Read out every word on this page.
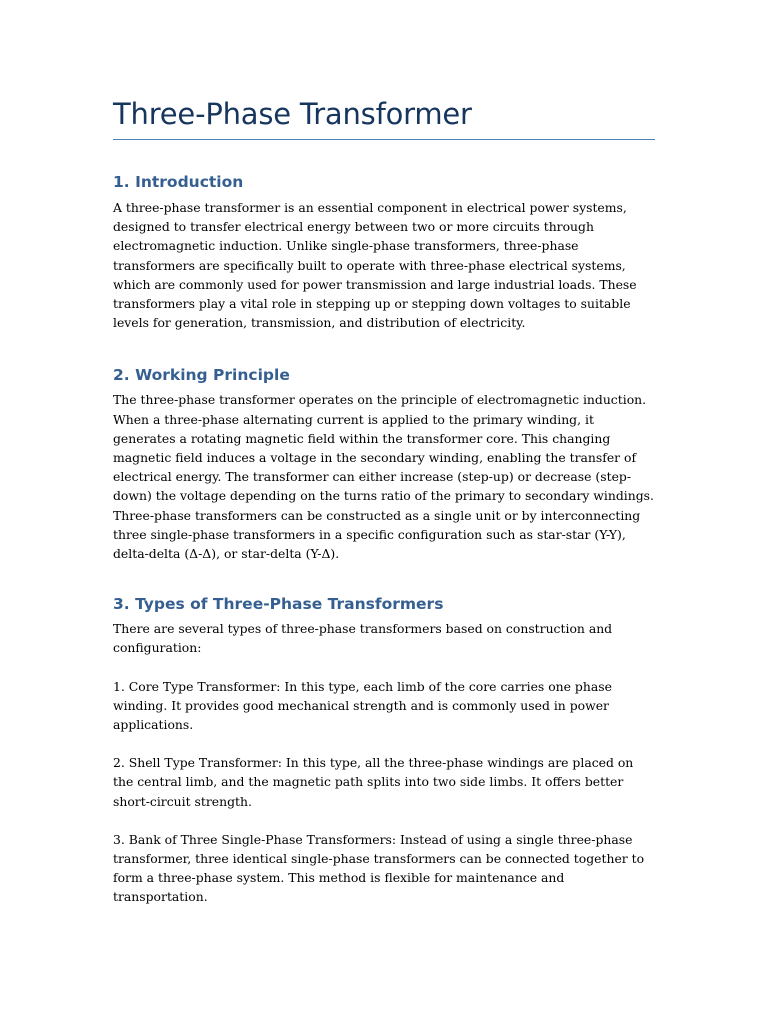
Three-Phase Transformer
1. Introduction

A three-phase transformer is an essential component in electrical power systems, designed to transfer electrical energy between two or more circuits through electromagnetic induction. Unlike single-phase transformers, three-phase transformers are specifically built to operate with three-phase electrical systems, which are commonly used for power transmission and large industrial loads. These transformers play a vital role in stepping up or stepping down voltages to suitable levels for generation, transmission, and distribution of electricity.

2. Working Principle

The three-phase transformer operates on the principle of electromagnetic induction. When a three-phase alternating current is applied to the primary winding, it generates a rotating magnetic field within the transformer core. This changing magnetic field induces a voltage in the secondary winding, enabling the transfer of electrical energy. The transformer can either increase (step-up) or decrease (step-down) the voltage depending on the turns ratio of the primary to secondary windings. Three-phase transformers can be constructed as a single unit or by interconnecting three single-phase transformers in a specific configuration such as star-star (Y-Y), delta-delta (Δ-Δ), or star-delta (Y-Δ).

3. Types of Three-Phase Transformers

There are several types of three-phase transformers based on construction and configuration:

1. Core Type Transformer: In this type, each limb of the core carries one phase winding. It provides good mechanical strength and is commonly used in power applications.

2. Shell Type Transformer: In this type, all the three-phase windings are placed on the central limb, and the magnetic path splits into two side limbs. It offers better short-circuit strength.

3. Bank of Three Single-Phase Transformers: Instead of using a single three-phase transformer, three identical single-phase transformers can be connected together to form a three-phase system. This method is flexible for maintenance and transportation.
